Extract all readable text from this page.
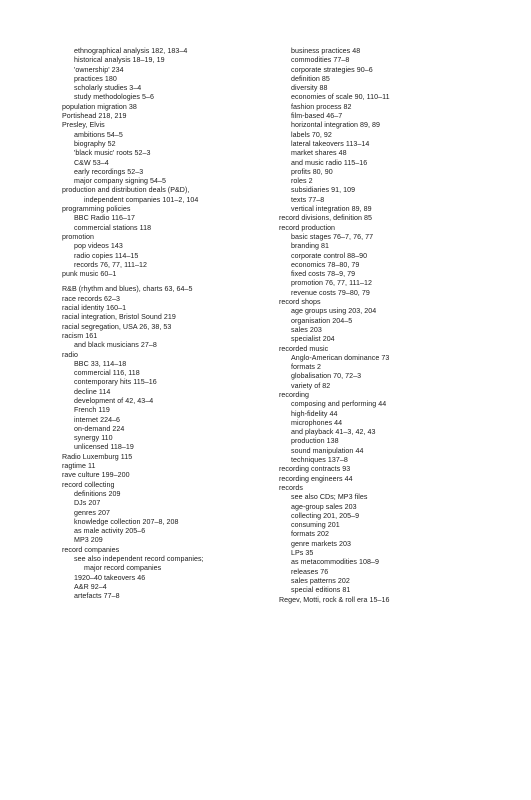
ethnographical analysis 182, 183–4
historical analysis 18–19, 19
'ownership' 234
practices 180
scholarly studies 3–4
study methodologies 5–6
population migration 38
Portishead 218, 219
Presley, Elvis
ambitions 54–5
biography 52
'black music' roots 52–3
C&W 53–4
early recordings 52–3
major company signing 54–5
production and distribution deals (P&D),
independent companies 101–2, 104
programming policies
BBC Radio 116–17
commercial stations 118
promotion
pop videos 143
radio copies 114–15
records 76, 77, 111–12
punk music 60–1
R&B (rhythm and blues), charts 63, 64–5
race records 62–3
racial identity 160–1
racial integration, Bristol Sound 219
racial segregation, USA 26, 38, 53
racism 161
and black musicians 27–8
radio
BBC 33, 114–18
commercial 116, 118
contemporary hits 115–16
decline 114
development of 42, 43–4
French 119
internet 224–6
on-demand 224
synergy 110
unlicensed 118–19
Radio Luxemburg 115
ragtime 11
rave culture 199–200
record collecting
definitions 209
DJs 207
genres 207
knowledge collection 207–8, 208
as male activity 205–6
MP3 209
record companies
see also independent record companies;
major record companies
1920–40 takeovers 46
A&R 92–4
artefacts 77–8
business practices 48
commodities 77–8
corporate strategies 90–6
definition 85
diversity 88
economies of scale 90, 110–11
fashion process 82
film-based 46–7
horizontal integration 89, 89
labels 70, 92
lateral takeovers 113–14
market shares 48
and music radio 115–16
profits 80, 90
roles 2
subsidiaries 91, 109
texts 77–8
vertical integration 89, 89
record divisions, definition 85
record production
basic stages 76–7, 76, 77
branding 81
corporate control 88–90
economics 78–80, 79
fixed costs 78–9, 79
promotion 76, 77, 111–12
revenue costs 79–80, 79
record shops
age groups using 203, 204
organisation 204–5
sales 203
specialist 204
recorded music
Anglo-American dominance 73
formats 2
globalisation 70, 72–3
variety of 82
recording
composing and performing 44
high-fidelity 44
microphones 44
and playback 41–3, 42, 43
production 138
sound manipulation 44
techniques 137–8
recording contracts 93
recording engineers 44
records
see also CDs; MP3 files
age-group sales 203
collecting 201, 205–9
consuming 201
formats 202
genre markets 203
LPs 35
as metacommodities 108–9
releases 76
sales patterns 202
special editions 81
Regev, Motti, rock & roll era 15–16
